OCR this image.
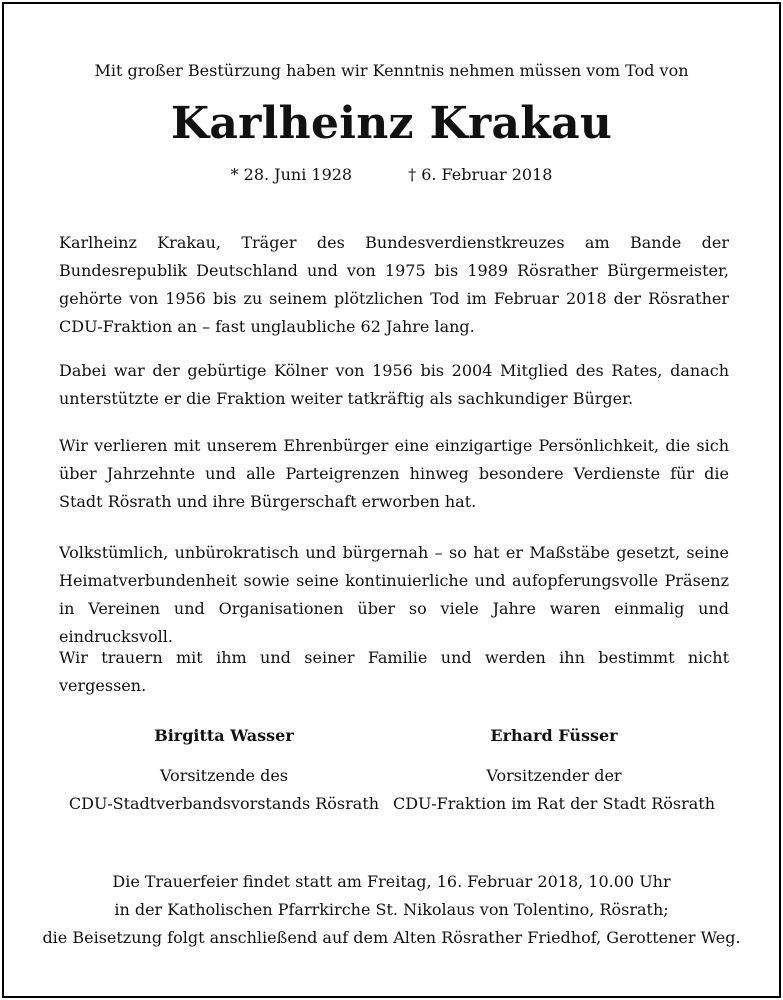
Mit großer Bestürzung haben wir Kenntnis nehmen müssen vom Tod von
Karlheinz Krakau
* 28. Juni 1928	† 6. Februar 2018
Karlheinz Krakau, Träger des Bundesverdienstkreuzes am Bande der Bundesrepublik Deutschland und von 1975 bis 1989 Rösrather Bürgermeister, gehörte von 1956 bis zu seinem plötzlichen Tod im Februar 2018 der Rösrather CDU-Fraktion an – fast unglaubliche 62 Jahre lang.
Dabei war der gebürtige Kölner von 1956 bis 2004 Mitglied des Rates, danach unterstützte er die Fraktion weiter tatkräftig als sachkundiger Bürger.
Wir verlieren mit unserem Ehrenbürger eine einzigartige Persönlichkeit, die sich über Jahrzehnte und alle Parteigrenzen hinweg besondere Verdienste für die Stadt Rösrath und ihre Bürgerschaft erworben hat.
Volkstümlich, unbürokratisch und bürgernah – so hat er Maßstäbe gesetzt, seine Heimatverbundenheit sowie seine kontinuierliche und aufopferungsvolle Präsenz in Vereinen und Organisationen über so viele Jahre waren einmalig und eindrucksvoll.
Wir trauern mit ihm und seiner Familie und werden ihn bestimmt nicht vergessen.
Birgitta Wasser
Vorsitzende des
CDU-Stadtverbandsvorstands Rösrath
Erhard Füsser
Vorsitzender der
CDU-Fraktion im Rat der Stadt Rösrath
Die Trauerfeier findet statt am Freitag, 16. Februar 2018, 10.00 Uhr
in der Katholischen Pfarrkirche St. Nikolaus von Tolentino, Rösrath;
die Beisetzung folgt anschließend auf dem Alten Rösrather Friedhof, Gerottener Weg.
